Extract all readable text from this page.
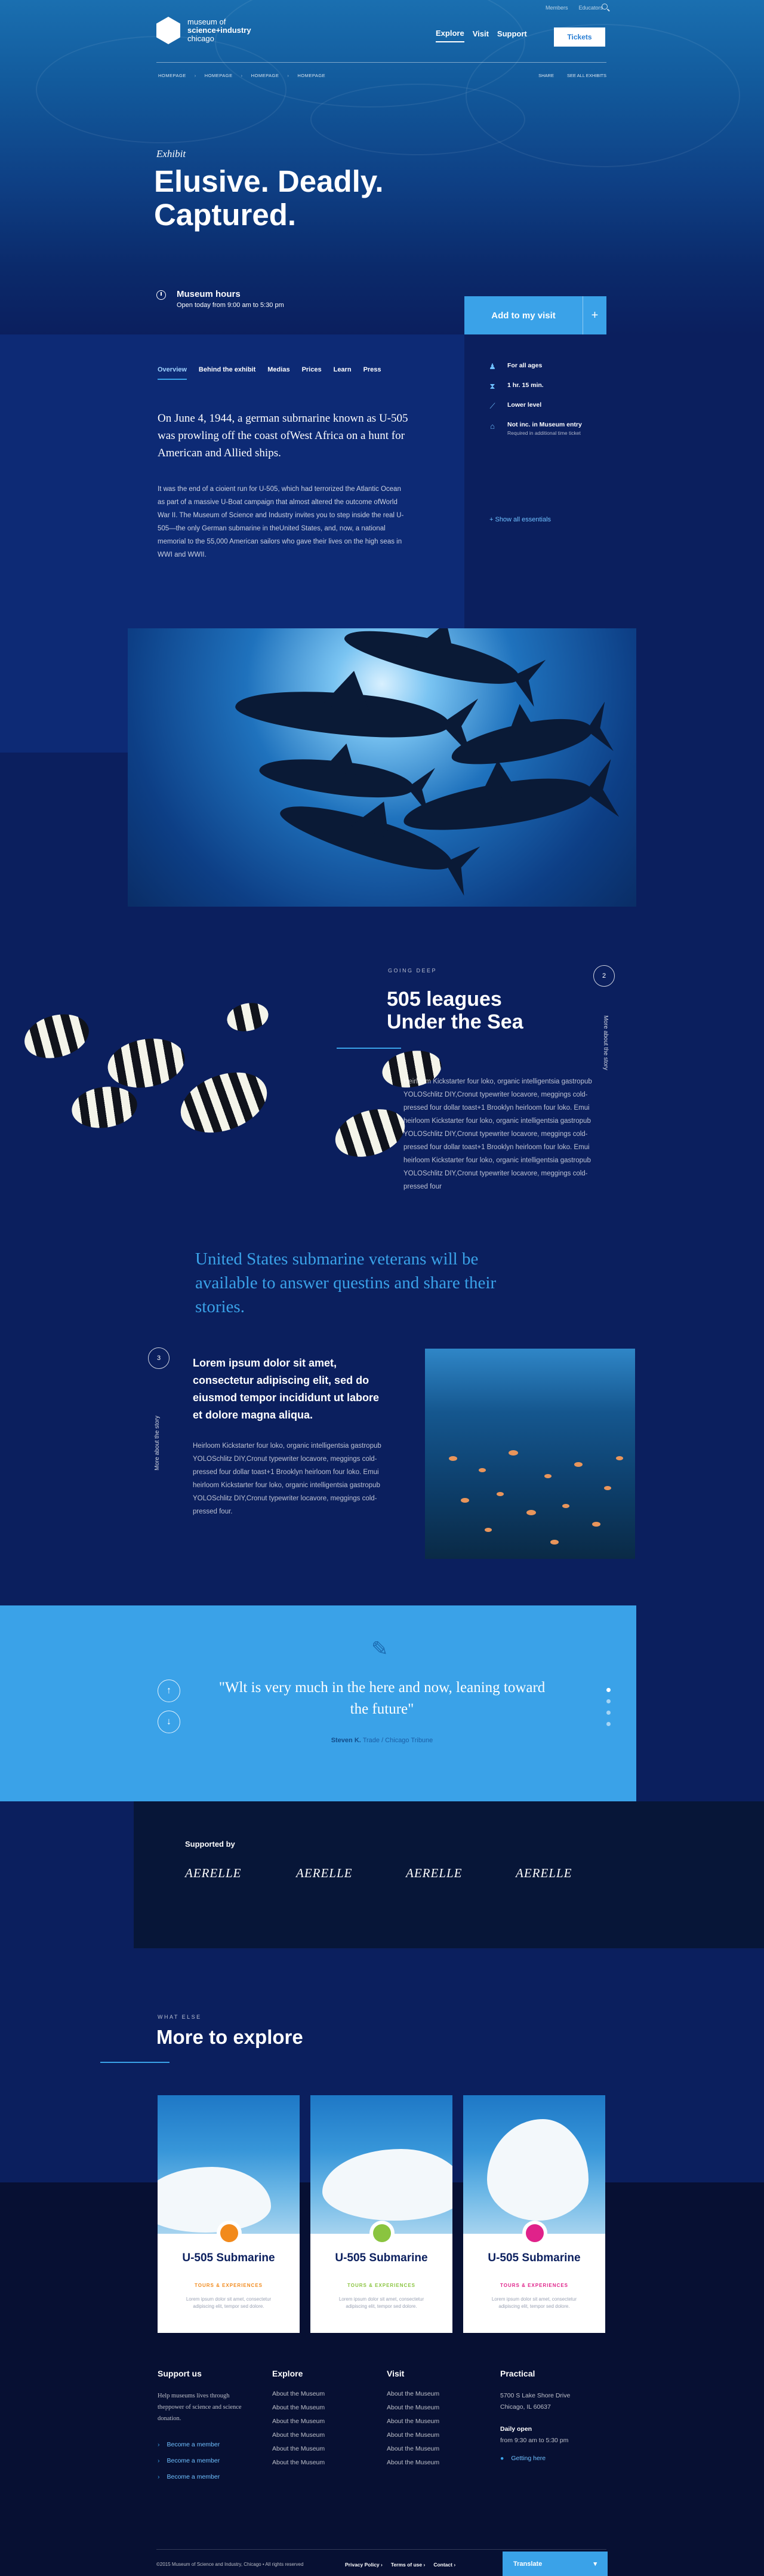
Members Educators
museum of
science+industry
chicago
Explore Visit Support	Tickets
HOMEPAGE › HOMEPAGE › HOMEPAGE › HOMEPAGE	SHARE	SEE ALL EXHIBITS
Exhibit
Elusive. Deadly. Captured.
Museum hours
Open today from 9:00 am to 5:30 pm
Add to my visit	+
Overview Behind the exhibit Medias Prices Learn Press

On June 4, 1944, a german subrnarine known as U-505 was prowling off the coast ofWest Africa on a hunt for American and Allied ships.

It was the end of a cioient run for U-505, which had terrorized the Atlantic Ocean as part of a massive U-Boat campaign that almost altered the outcome ofWorld War II. The Museum of Science and Industry invites you to step inside the real U-505—the only German submarine in theUnited States, and, now, a national memorial to the 55,000 American sailors who gave their lives on the high seas in WWI and WWII.

♟	For all ages
⧗	1 hr. 15 min.
⟋	Lower level
⌂	Not inc. in Museum entry
Required in additional time ticket
+ Show all essentials
GOING DEEP
505 leagues Under the Sea

Heirloom Kickstarter four loko, organic intelligentsia gastropub YOLOSchlitz DIY,Cronut typewriter locavore, meggings cold-pressed four dollar toast+1 Brooklyn heirloom four loko. Emui heirloom Kickstarter four loko, organic intelligentsia gastropub YOLOSchlitz DIY,Cronut typewriter locavore, meggings cold-pressed four dollar toast+1 Brooklyn heirloom four loko. Emui heirloom Kickstarter four loko, organic intelligentsia gastropub YOLOSchlitz DIY,Cronut typewriter locavore, meggings cold-pressed four

2
More about the story

United States submarine veterans will be available to answer questins and share their stories.

3
More about the story
Lorem ipsum dolor sit amet, consectetur adipiscing elit, sed do eiusmod tempor incididunt ut labore et dolore magna aliqua.

Heirloom Kickstarter four loko, organic intelligentsia gastropub YOLOSchlitz DIY,Cronut typewriter locavore, meggings cold-pressed four dollar toast+1 Brooklyn heirloom four loko. Emui heirloom Kickstarter four loko, organic intelligentsia gastropub YOLOSchlitz DIY,Cronut typewriter locavore, meggings cold-pressed four.

✎

"Wlt is very much in the here and now, leaning toward the future"

Steven K. Trade / Chicago Tribune
↑
↓
Supported by
AERELLE	AERELLE	AERELLE	AERELLE
WHAT ELSE
More to explore
U-505 Submarine
TOURS & EXPERIENCES
Lorem ipsum dolor sit amet, consectetur adipiscing elit, tempor sed dolore.
U-505 Submarine
TOURS & EXPERIENCES
Lorem ipsum dolor sit amet, consectetur adipiscing elit, tempor sed dolore.
U-505 Submarine
TOURS & EXPERIENCES
Lorem ipsum dolor sit amet, consectetur adipiscing elit, tempor sed dolore.
Support us

Help museums lives through theppower of science and science donation.

› Become a member
› Become a member
› Become a member
Explore
About the Museum
About the Museum
About the Museum
About the Museum
About the Museum
About the Museum
Visit
About the Museum
About the Museum
About the Museum
About the Museum
About the Museum
About the Museum
Practical
5700 S Lake Shore Drive
Chicago, IL 60637
Daily open
from 9:30 am to 5:30 pm
● Getting here
©2015 Museum of Science and Industry, Chicago • All rights reserved	Privacy Policy › Terms of use › Contact ›	Translate	▾
